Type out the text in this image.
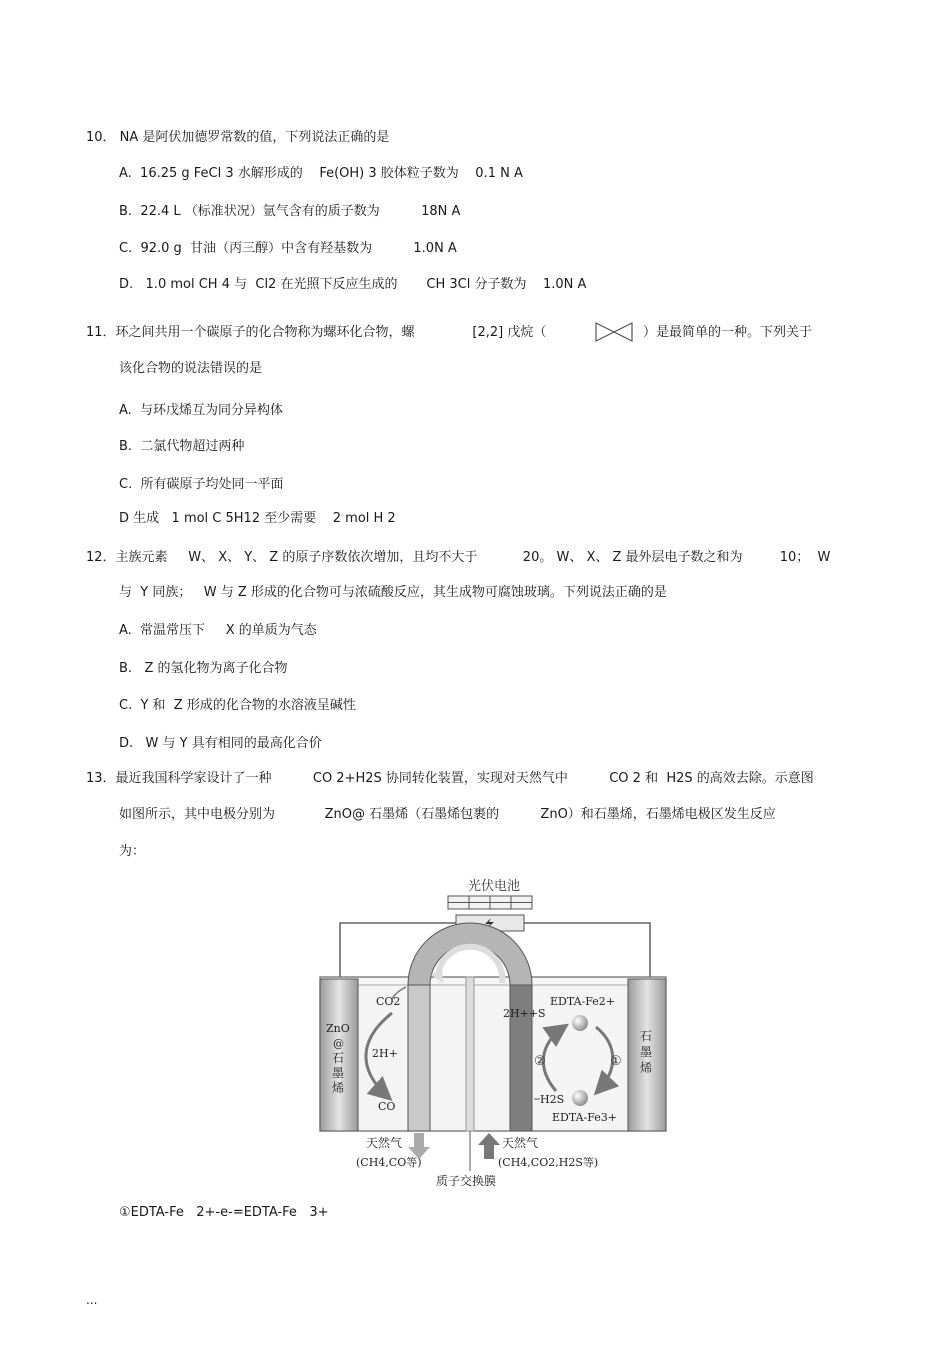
10． NA 是阿伏加德罗常数的值，下列说法正确的是
A.  16.25 g FeCl 3 水解形成的    Fe(OH) 3 胶体粒子数为    0.1 N A
B.  22.4 L （标准状况）氩气含有的质子数为          18N A
C.  92.0 g  甘油（丙三醇）中含有羟基数为          1.0N A
D.   1.0 mol CH 4 与  Cl2 在光照下反应生成的       CH 3Cl 分子数为    1.0N A
11．环之间共用一个碳原子的化合物称为螺环化合物，螺              [2,2] 戊烷（	）是最简单的一种。下列关于
该化合物的说法错误的是
A.  与环戊烯互为同分异构体
B.  二氯代物超过两种
C.  所有碳原子均处同一平面
D 生成   1 mol C 5H12 至少需要    2 mol H 2
12．主族元素     W、 X、 Y、 Z 的原子序数依次增加，且均不大于           20。 W、 X、 Z 最外层电子数之和为         10；  W
与  Y 同族；   W 与 Z 形成的化合物可与浓硫酸反应，其生成物可腐蚀玻璃。下列说法正确的是
A.  常温常压下     X 的单质为气态
B.   Z 的氢化物为离子化合物
C.  Y 和  Z 形成的化合物的水溶液呈碱性
D.   W 与 Y 具有相同的最高化合价
13．最近我国科学家设计了一种          CO 2+H2S 协同转化装置，实现对天然气中          CO 2 和  H2S 的高效去除。示意图
如图所示，其中电极分别为            ZnO@ 石墨烯（石墨烯包裹的          ZnO）和石墨烯，石墨烯电极区发生反应
为：
光伏电池
ZnO
@
石
墨
烯
石
墨
烯
CO2
2H+
CO
2H++S
EDTA-Fe2+
EDTA-Fe3+
②	①
H2S
天然气
(CH4,CO等)
天然气
(CH4,CO2,H2S等)
质子交换膜
①EDTA-Fe   2+-e-=EDTA-Fe   3+
...
